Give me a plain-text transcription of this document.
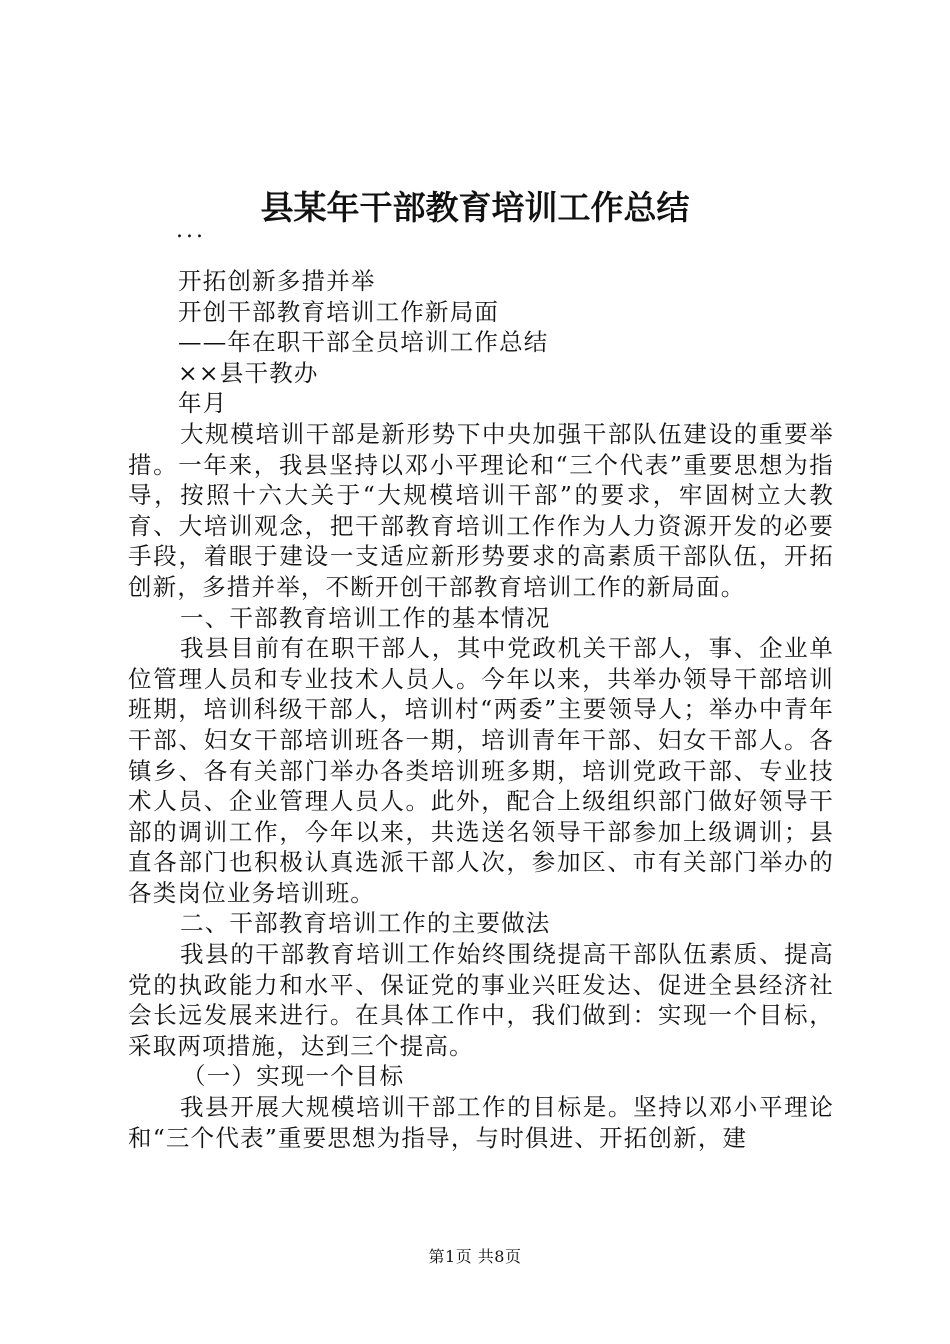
县某年干部教育培训工作总结
...
开拓创新多措并举
开创干部教育培训工作新局面
——年在职干部全员培训工作总结
××县干教办
年月

大规模培训干部是新形势下中央加强干部队伍建设的重要举措。一年来，我县坚持以邓小平理论和“三个代表”重要思想为指导，按照十六大关于“大规模培训干部”的要求，牢固树立大教育、大培训观念，把干部教育培训工作作为人力资源开发的必要手段，着眼于建设一支适应新形势要求的高素质干部队伍，开拓创新，多措并举，不断开创干部教育培训工作的新局面。

一、干部教育培训工作的基本情况

我县目前有在职干部人，其中党政机关干部人，事、企业单位管理人员和专业技术人员人。今年以来，共举办领导干部培训班期，培训科级干部人，培训村“两委”主要领导人；举办中青年干部、妇女干部培训班各一期，培训青年干部、妇女干部人。各镇乡、各有关部门举办各类培训班多期，培训党政干部、专业技术人员、企业管理人员人。此外，配合上级组织部门做好领导干部的调训工作，今年以来，共选送名领导干部参加上级调训；县直各部门也积极认真选派干部人次，参加区、市有关部门举办的各类岗位业务培训班。

二、干部教育培训工作的主要做法

我县的干部教育培训工作始终围绕提高干部队伍素质、提高党的执政能力和水平、保证党的事业兴旺发达、促进全县经济社会长远发展来进行。在具体工作中，我们做到：实现一个目标，采取两项措施，达到三个提高。

（一）实现一个目标

我县开展大规模培训干部工作的目标是。坚持以邓小平理论和“三个代表”重要思想为指导，与时俱进、开拓创新，建

第1页 共8页
